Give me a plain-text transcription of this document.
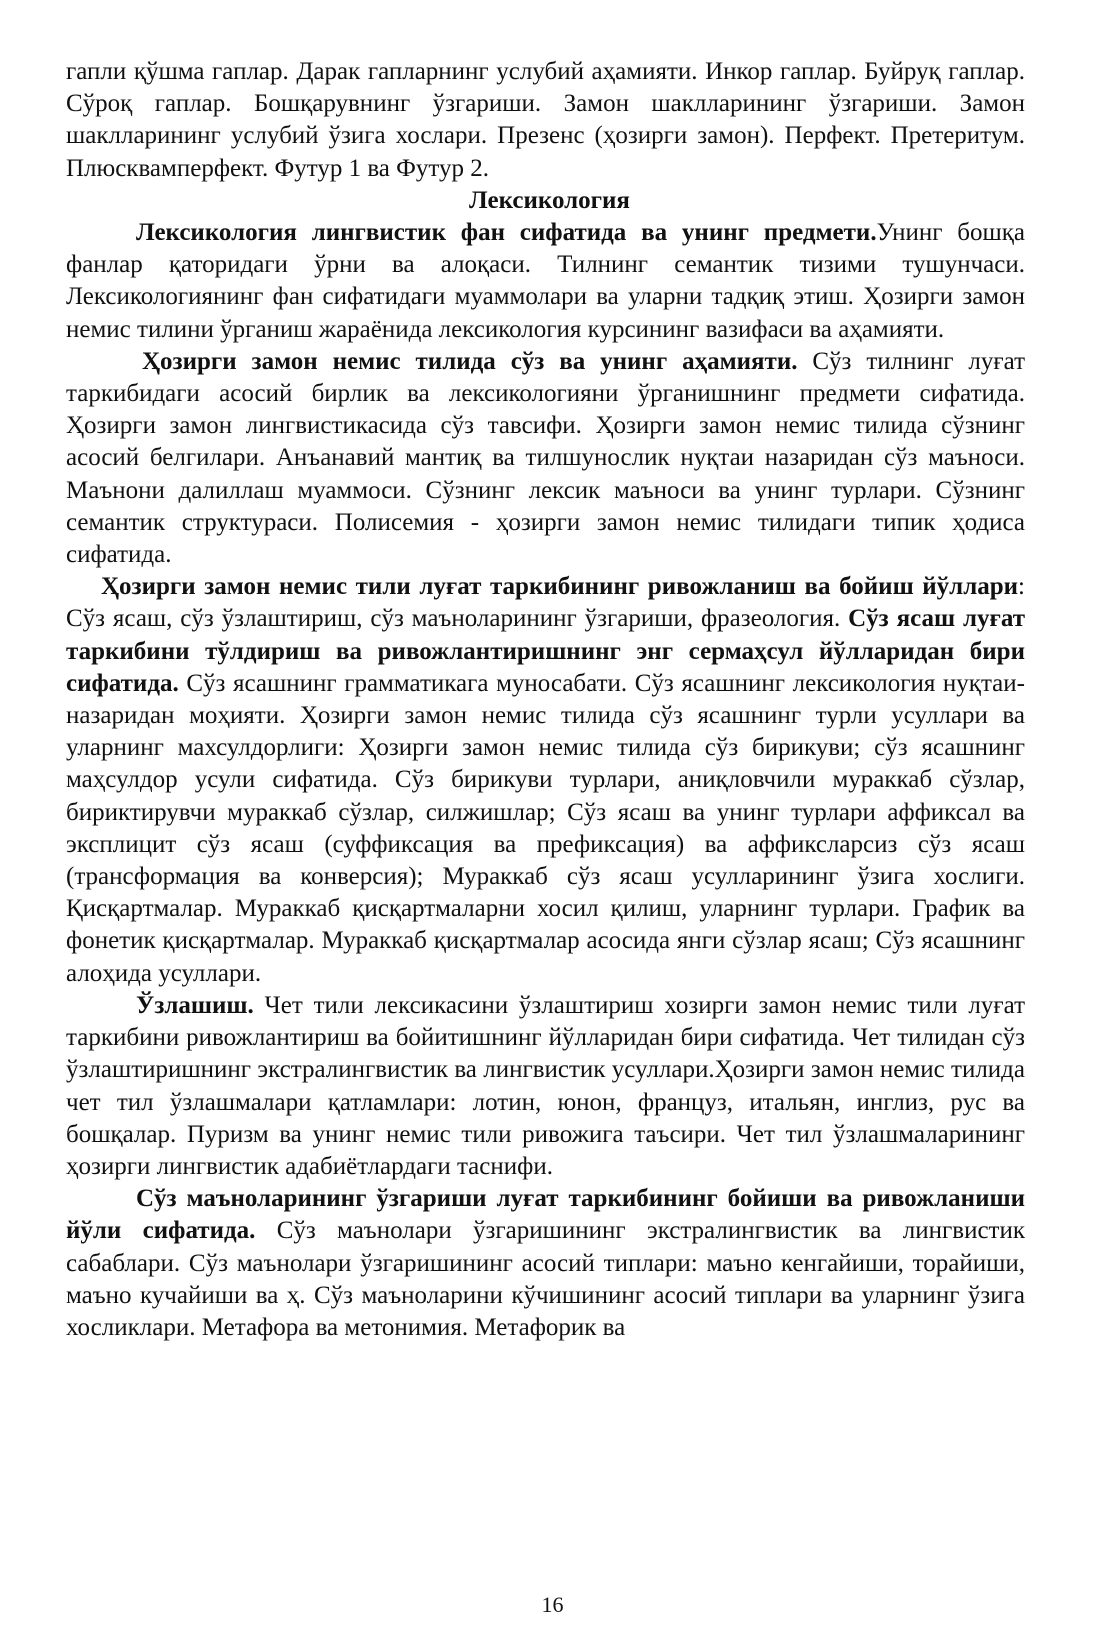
гапли қўшма гаплар. Дарак гапларнинг услубий аҳамияти. Инкор гаплар. Буйруқ гаплар. Сўроқ гаплар. Бошқарувнинг ўзгариши. Замон шаклларининг ўзгариши. Замон шаклларининг услубий ўзига хослари. Презенс (ҳозирги замон). Перфект. Претеритум. Плюсквамперфект. Футур 1 ва Футур 2.

Лексикология

Лексикология лингвистик фан сифатида ва унинг предмети.Унинг бошқа фанлар қаторидаги ўрни ва алоқаси. Тилнинг семантик тизими тушунчаси. Лексикологиянинг фан сифатидаги муаммолари ва уларни тадқиқ этиш. Ҳозирги замон немис тилини ўрганиш жараёнида лексикология курсининг вазифаси ва аҳамияти.

Ҳозирги замон немис тилида сўз ва унинг аҳамияти. Сўз тилнинг луғат таркибидаги асосий бирлик ва лексикологияни ўрганишнинг предмети сифатида. Ҳозирги замон лингвистикасида сўз тавсифи. Ҳозирги замон немис тилида сўзнинг асосий белгилари. Анъанавий мантиқ ва тилшунослик нуқтаи назаридан сўз маъноси. Маънони далиллаш муаммоси. Сўзнинг лексик маъноси ва унинг турлари. Сўзнинг семантик структураси. Полисемия - ҳозирги замон немис тилидаги типик ҳодиса сифатида.

Ҳозирги замон немис тили луғат таркибининг ривожланиш ва бойиш йўллари: Сўз ясаш, сўз ўзлаштириш, сўз маъноларининг ўзгариши, фразеология. Сўз ясаш луғат таркибини тўлдириш ва ривожлантиришнинг энг сермаҳсул йўлларидан бири сифатида. Сўз ясашнинг грамматикага муносабати. Сўз ясашнинг лексикология нуқтаи-назаридан моҳияти. Ҳозирги замон немис тилида сўз ясашнинг турли усуллари ва уларнинг махсулдорлиги: Ҳозирги замон немис тилида сўз бирикуви; сўз ясашнинг маҳсулдор усули сифатида. Сўз бирикуви турлари, аниқловчили мураккаб сўзлар, бириктирувчи мураккаб сўзлар, силжишлар; Сўз ясаш ва унинг турлари аффиксал ва эксплицит сўз ясаш (суффиксация ва префиксация) ва аффиксларсиз сўз ясаш (трансформация ва конверсия); Мураккаб сўз ясаш усулларининг ўзига хослиги. Қисқартмалар. Мураккаб қисқартмаларни хосил қилиш, уларнинг турлари. График ва фонетик қисқартмалар. Мураккаб қисқартмалар асосида янги сўзлар ясаш; Сўз ясашнинг алоҳида усуллари.

Ўзлашиш. Чет тили лексикасини ўзлаштириш хозирги замон немис тили луғат таркибини ривожлантириш ва бойитишнинг йўлларидан бири сифатида. Чет тилидан сўз ўзлаштиришнинг экстралингвистик ва лингвистик усуллари.Ҳозирги замон немис тилида чет тил ўзлашмалари қатламлари: лотин, юнон, француз, итальян, инглиз, рус ва бошқалар. Пуризм ва унинг немис тили ривожига таъсири. Чет тил ўзлашмаларининг ҳозирги лингвистик адабиётлардаги таснифи.

Сўз маъноларининг ўзгариши луғат таркибининг бойиши ва ривожланиши йўли сифатида. Сўз маънолари ўзгаришининг экстралингвистик ва лингвистик сабаблари. Сўз маънолари ўзгаришининг асосий типлари: маъно кенгайиши, торайиши, маъно кучайиши ва ҳ. Сўз маъноларини кўчишининг асосий типлари ва уларнинг ўзига хосликлари. Метафора ва метонимия. Метафорик ва

16
